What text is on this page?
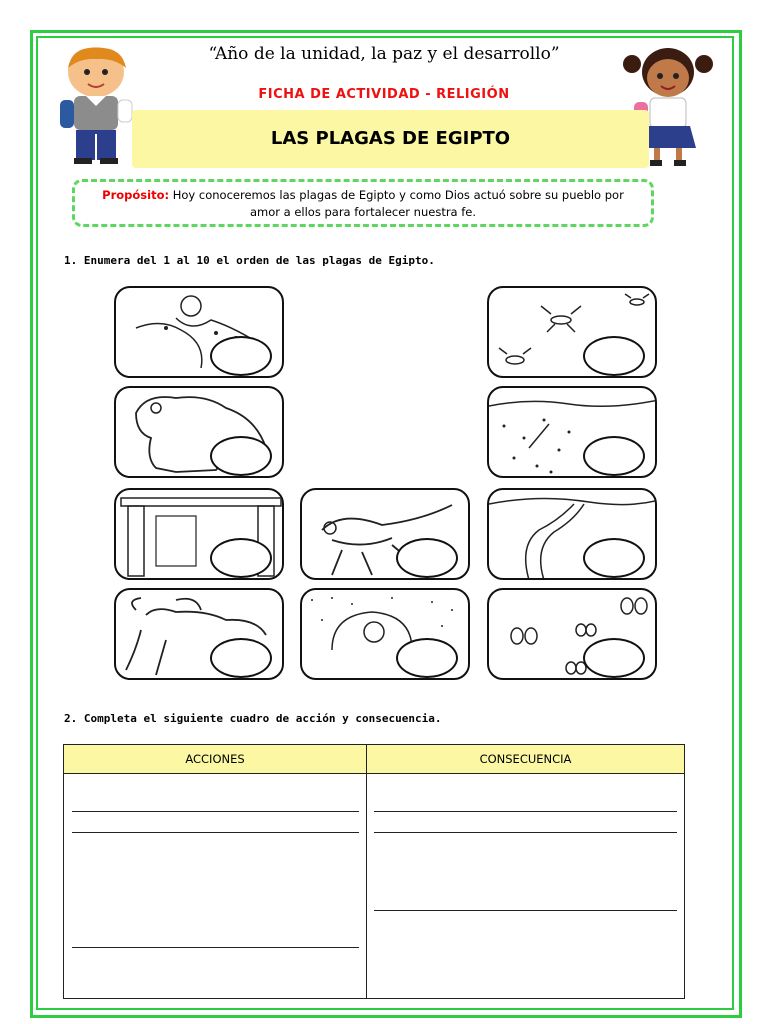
“Año de la unidad, la paz y el desarrollo”
FICHA DE ACTIVIDAD - RELIGIÓN
LAS PLAGAS DE EGIPTO
Propósito: Hoy conoceremos las plagas de Egipto y como Dios actuó sobre su pueblo por
amor a ellos para fortalecer nuestra fe.
1. Enumera del 1 al 10 el orden de las plagas de Egipto.
2. Completa el siguiente cuadro de acción y consecuencia.
ACCIONES	CONSECUENCIA
